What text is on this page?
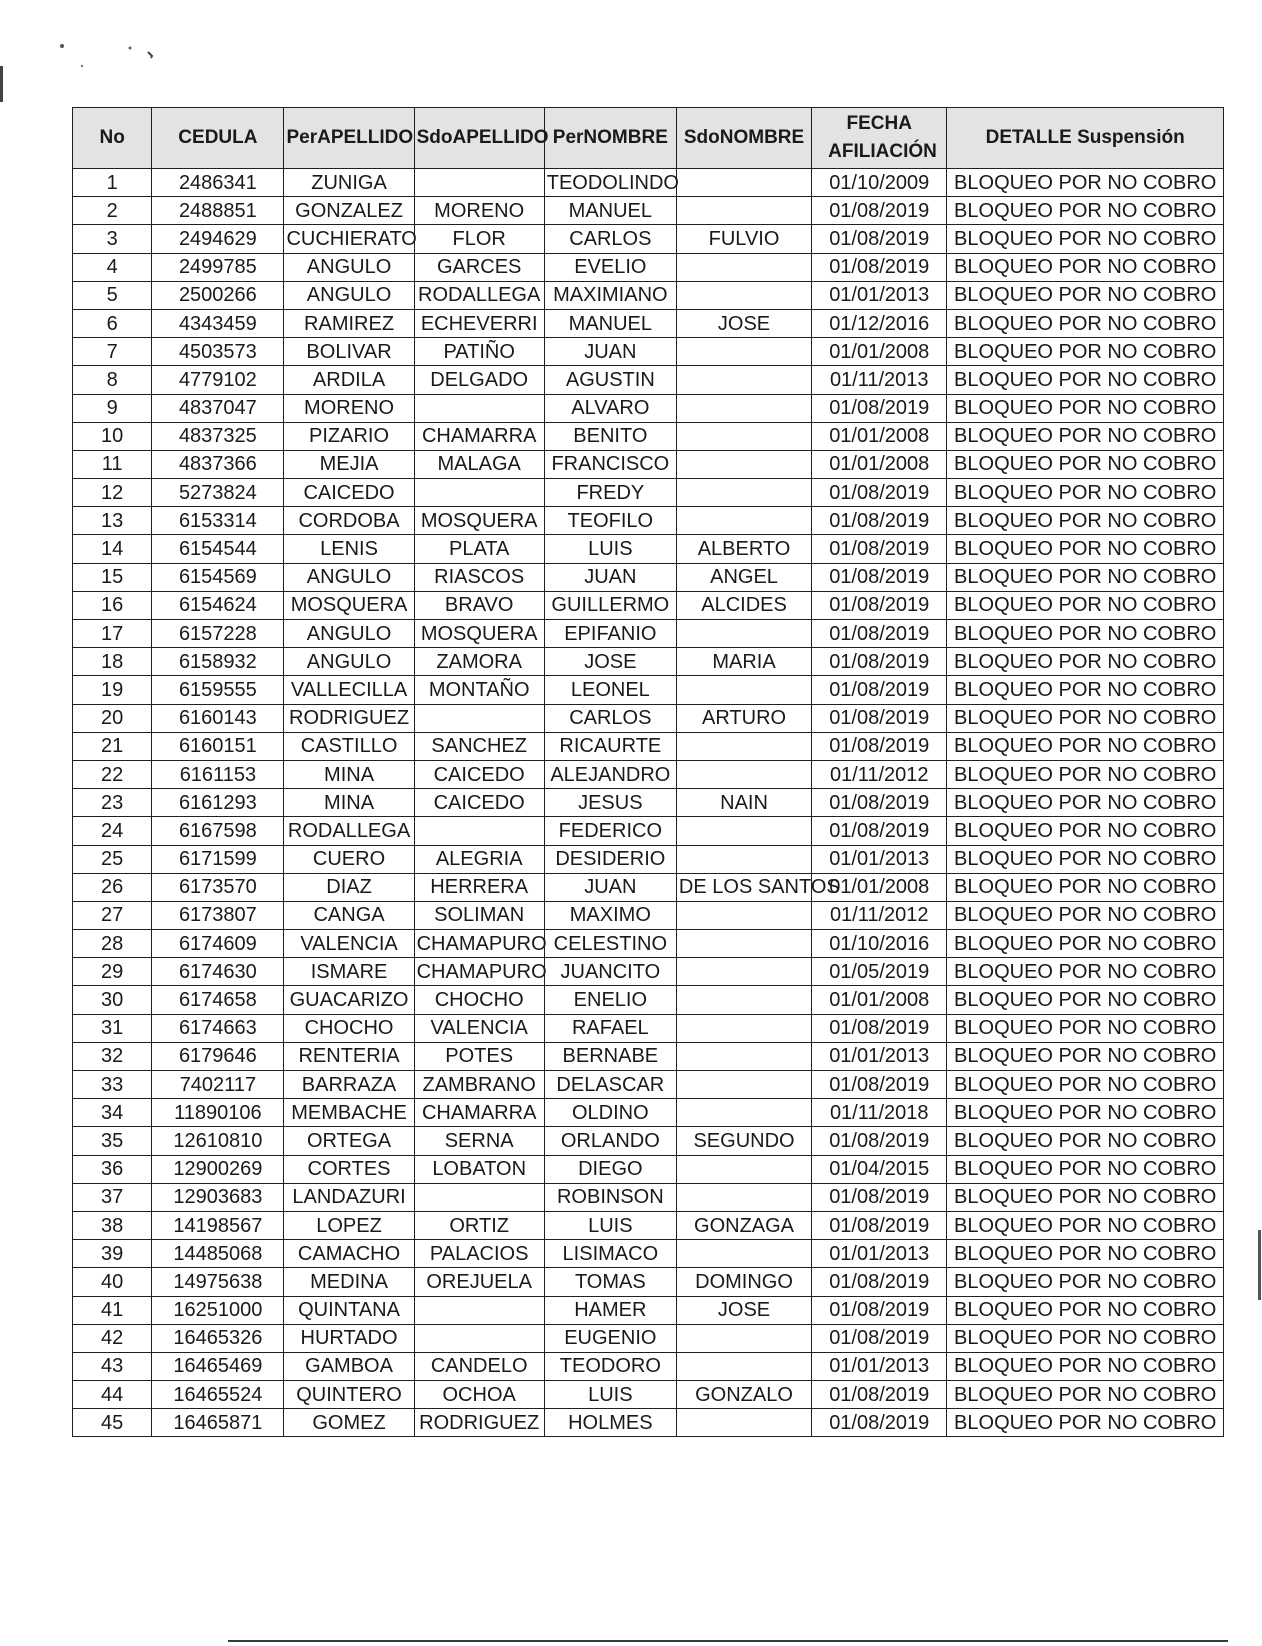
No	CEDULA	PerAPELLIDO	SdoAPELLIDO	PerNOMBRE	SdoNOMBRE	FECHA AFILIACIÓN	DETALLE Suspensión
1	2486341	ZUNIGA		TEODOLINDO		01/10/2009	BLOQUEO POR NO COBRO
2	2488851	GONZALEZ	MORENO	MANUEL		01/08/2019	BLOQUEO POR NO COBRO
3	2494629	CUCHIERATO	FLOR	CARLOS	FULVIO	01/08/2019	BLOQUEO POR NO COBRO
4	2499785	ANGULO	GARCES	EVELIO		01/08/2019	BLOQUEO POR NO COBRO
5	2500266	ANGULO	RODALLEGA	MAXIMIANO		01/01/2013	BLOQUEO POR NO COBRO
6	4343459	RAMIREZ	ECHEVERRI	MANUEL	JOSE	01/12/2016	BLOQUEO POR NO COBRO
7	4503573	BOLIVAR	PATIÑO	JUAN		01/01/2008	BLOQUEO POR NO COBRO
8	4779102	ARDILA	DELGADO	AGUSTIN		01/11/2013	BLOQUEO POR NO COBRO
9	4837047	MORENO		ALVARO		01/08/2019	BLOQUEO POR NO COBRO
10	4837325	PIZARIO	CHAMARRA	BENITO		01/01/2008	BLOQUEO POR NO COBRO
11	4837366	MEJIA	MALAGA	FRANCISCO		01/01/2008	BLOQUEO POR NO COBRO
12	5273824	CAICEDO		FREDY		01/08/2019	BLOQUEO POR NO COBRO
13	6153314	CORDOBA	MOSQUERA	TEOFILO		01/08/2019	BLOQUEO POR NO COBRO
14	6154544	LENIS	PLATA	LUIS	ALBERTO	01/08/2019	BLOQUEO POR NO COBRO
15	6154569	ANGULO	RIASCOS	JUAN	ANGEL	01/08/2019	BLOQUEO POR NO COBRO
16	6154624	MOSQUERA	BRAVO	GUILLERMO	ALCIDES	01/08/2019	BLOQUEO POR NO COBRO
17	6157228	ANGULO	MOSQUERA	EPIFANIO		01/08/2019	BLOQUEO POR NO COBRO
18	6158932	ANGULO	ZAMORA	JOSE	MARIA	01/08/2019	BLOQUEO POR NO COBRO
19	6159555	VALLECILLA	MONTAÑO	LEONEL		01/08/2019	BLOQUEO POR NO COBRO
20	6160143	RODRIGUEZ		CARLOS	ARTURO	01/08/2019	BLOQUEO POR NO COBRO
21	6160151	CASTILLO	SANCHEZ	RICAURTE		01/08/2019	BLOQUEO POR NO COBRO
22	6161153	MINA	CAICEDO	ALEJANDRO		01/11/2012	BLOQUEO POR NO COBRO
23	6161293	MINA	CAICEDO	JESUS	NAIN	01/08/2019	BLOQUEO POR NO COBRO
24	6167598	RODALLEGA		FEDERICO		01/08/2019	BLOQUEO POR NO COBRO
25	6171599	CUERO	ALEGRIA	DESIDERIO		01/01/2013	BLOQUEO POR NO COBRO
26	6173570	DIAZ	HERRERA	JUAN	DE LOS SANTOS	01/01/2008	BLOQUEO POR NO COBRO
27	6173807	CANGA	SOLIMAN	MAXIMO		01/11/2012	BLOQUEO POR NO COBRO
28	6174609	VALENCIA	CHAMAPURO	CELESTINO		01/10/2016	BLOQUEO POR NO COBRO
29	6174630	ISMARE	CHAMAPURO	JUANCITO		01/05/2019	BLOQUEO POR NO COBRO
30	6174658	GUACARIZO	CHOCHO	ENELIO		01/01/2008	BLOQUEO POR NO COBRO
31	6174663	CHOCHO	VALENCIA	RAFAEL		01/08/2019	BLOQUEO POR NO COBRO
32	6179646	RENTERIA	POTES	BERNABE		01/01/2013	BLOQUEO POR NO COBRO
33	7402117	BARRAZA	ZAMBRANO	DELASCAR		01/08/2019	BLOQUEO POR NO COBRO
34	11890106	MEMBACHE	CHAMARRA	OLDINO		01/11/2018	BLOQUEO POR NO COBRO
35	12610810	ORTEGA	SERNA	ORLANDO	SEGUNDO	01/08/2019	BLOQUEO POR NO COBRO
36	12900269	CORTES	LOBATON	DIEGO		01/04/2015	BLOQUEO POR NO COBRO
37	12903683	LANDAZURI		ROBINSON		01/08/2019	BLOQUEO POR NO COBRO
38	14198567	LOPEZ	ORTIZ	LUIS	GONZAGA	01/08/2019	BLOQUEO POR NO COBRO
39	14485068	CAMACHO	PALACIOS	LISIMACO		01/01/2013	BLOQUEO POR NO COBRO
40	14975638	MEDINA	OREJUELA	TOMAS	DOMINGO	01/08/2019	BLOQUEO POR NO COBRO
41	16251000	QUINTANA		HAMER	JOSE	01/08/2019	BLOQUEO POR NO COBRO
42	16465326	HURTADO		EUGENIO		01/08/2019	BLOQUEO POR NO COBRO
43	16465469	GAMBOA	CANDELO	TEODORO		01/01/2013	BLOQUEO POR NO COBRO
44	16465524	QUINTERO	OCHOA	LUIS	GONZALO	01/08/2019	BLOQUEO POR NO COBRO
45	16465871	GOMEZ	RODRIGUEZ	HOLMES		01/08/2019	BLOQUEO POR NO COBRO
